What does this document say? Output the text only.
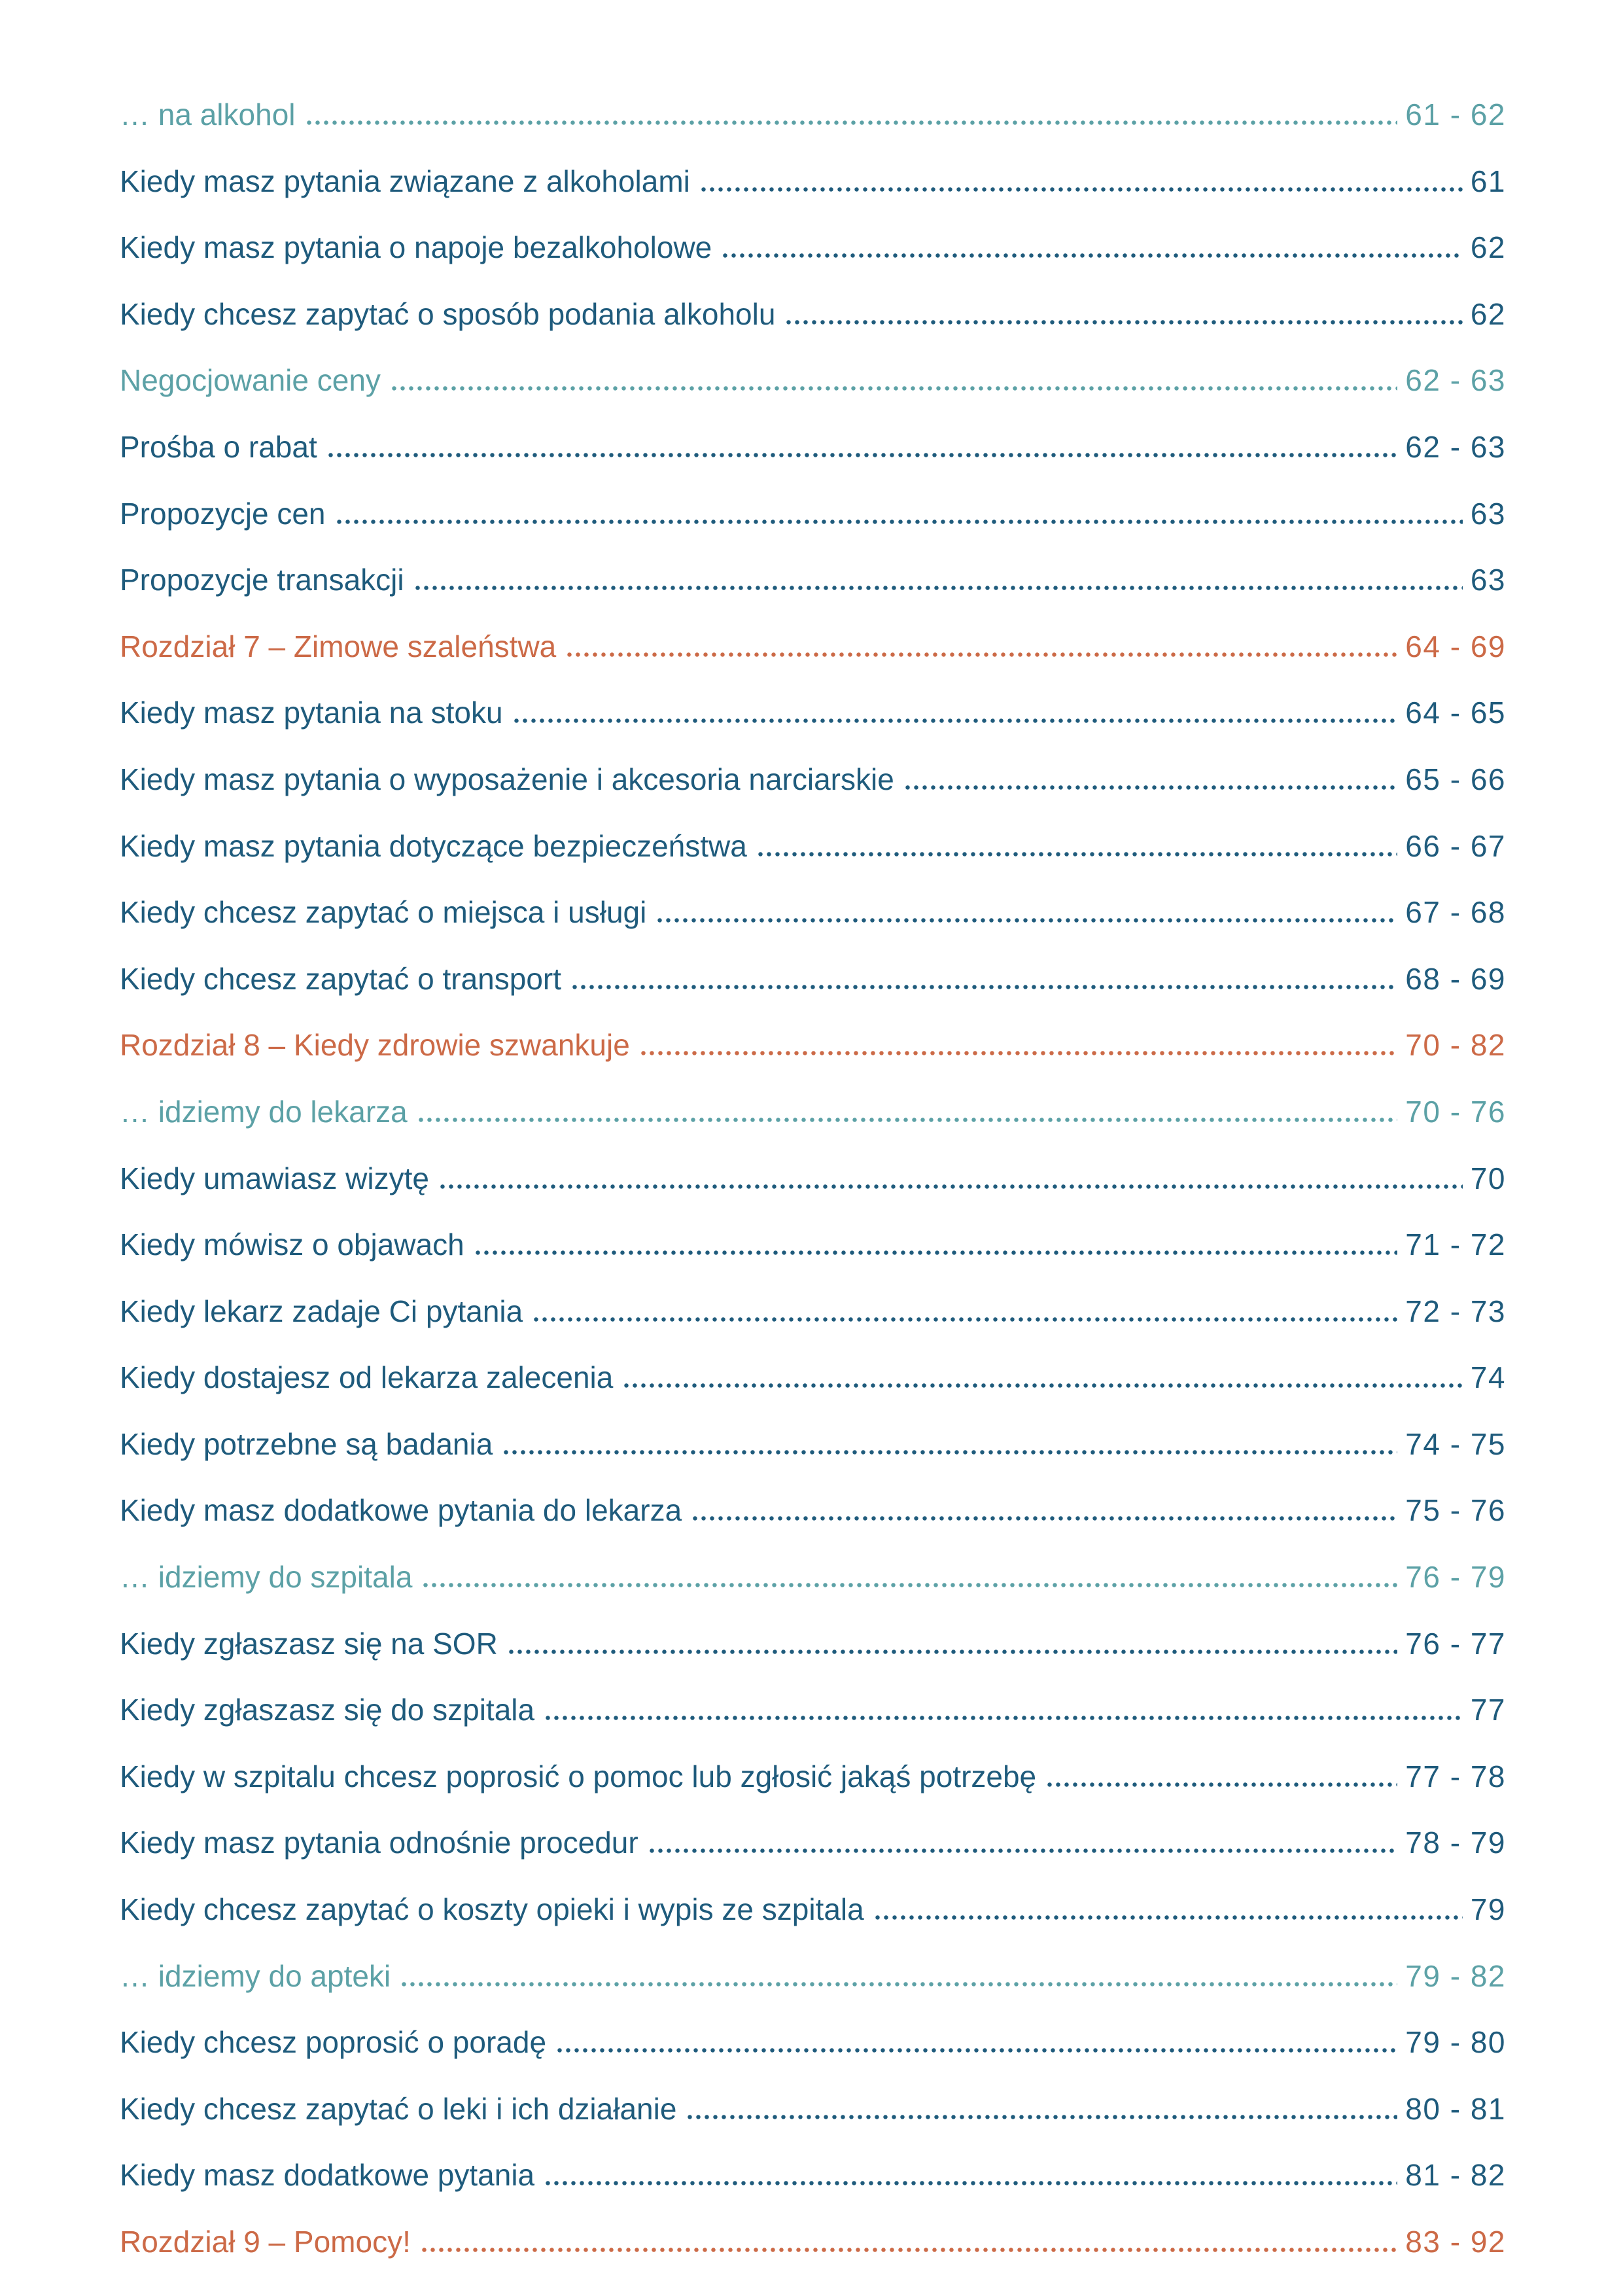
… na alkohol	61 - 62
Kiedy masz pytania związane z alkoholami	61
Kiedy masz pytania o napoje bezalkoholowe	62
Kiedy chcesz zapytać o sposób podania alkoholu	62
Negocjowanie ceny	62 - 63
Prośba o rabat	62 - 63
Propozycje cen	63
Propozycje transakcji	63
Rozdział 7 – Zimowe szaleństwa	64 - 69
Kiedy masz pytania na stoku	64 - 65
Kiedy masz pytania o wyposażenie i akcesoria narciarskie	65 - 66
Kiedy masz pytania dotyczące bezpieczeństwa	66 - 67
Kiedy chcesz zapytać o miejsca i usługi	67 - 68
Kiedy chcesz zapytać o transport	68 - 69
Rozdział 8 – Kiedy zdrowie szwankuje	70 - 82
… idziemy do lekarza	70 - 76
Kiedy umawiasz wizytę	70
Kiedy mówisz o objawach	71 - 72
Kiedy lekarz zadaje Ci pytania	72 - 73
Kiedy dostajesz od lekarza zalecenia	74
Kiedy potrzebne są badania	74 - 75
Kiedy masz dodatkowe pytania do lekarza	75 - 76
… idziemy do szpitala	76 - 79
Kiedy zgłaszasz się na SOR	76 - 77
Kiedy zgłaszasz się do szpitala	77
Kiedy w szpitalu chcesz poprosić o pomoc lub zgłosić jakąś potrzebę	77 - 78
Kiedy masz pytania odnośnie procedur	78 - 79
Kiedy chcesz zapytać o koszty opieki i wypis ze szpitala	79
… idziemy do apteki	79 - 82
Kiedy chcesz poprosić o poradę	79 - 80
Kiedy chcesz zapytać o leki i ich działanie	80 - 81
Kiedy masz dodatkowe pytania	81 - 82
Rozdział 9 – Pomocy!	83 - 92
